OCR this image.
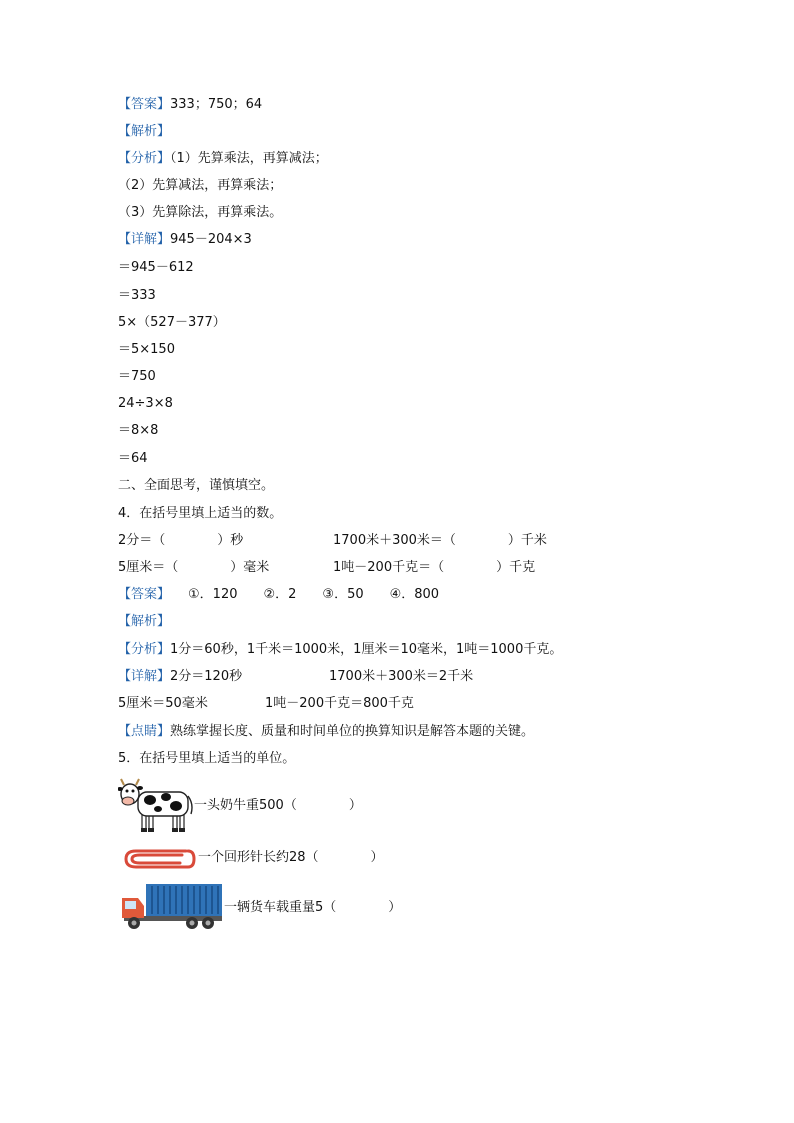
【答案】333；750；64
【解析】
【分析】（1）先算乘法，再算减法；
（2）先算减法，再算乘法；
（3）先算除法，再算乘法。
【详解】945－204×3
＝945－612
＝333
5×（527－377）
＝5×150
＝750
24÷3×8
＝8×8
＝64
二、全面思考，谨慎填空。
4．在括号里填上适当的数。
2分＝（　　　　）秒	1700米＋300米＝（　　　　）千米
5厘米＝（　　　　）毫米	1吨－200千克＝（　　　　）千克
【答案】 ①．120　　②．2　　③．50　　④．800
【解析】
【分析】1分＝60秒，1千米＝1000米，1厘米＝10毫米，1吨＝1000千克。
【详解】2分＝120秒	1700米＋300米＝2千米
5厘米＝50毫米	1吨－200千克＝800千克
【点睛】熟练掌握长度、质量和时间单位的换算知识是解答本题的关键。
5．在括号里填上适当的单位。
一头奶牛重500（　　　　）
一个回形针长约28（　　　　）
一辆货车载重量5（　　　　）
